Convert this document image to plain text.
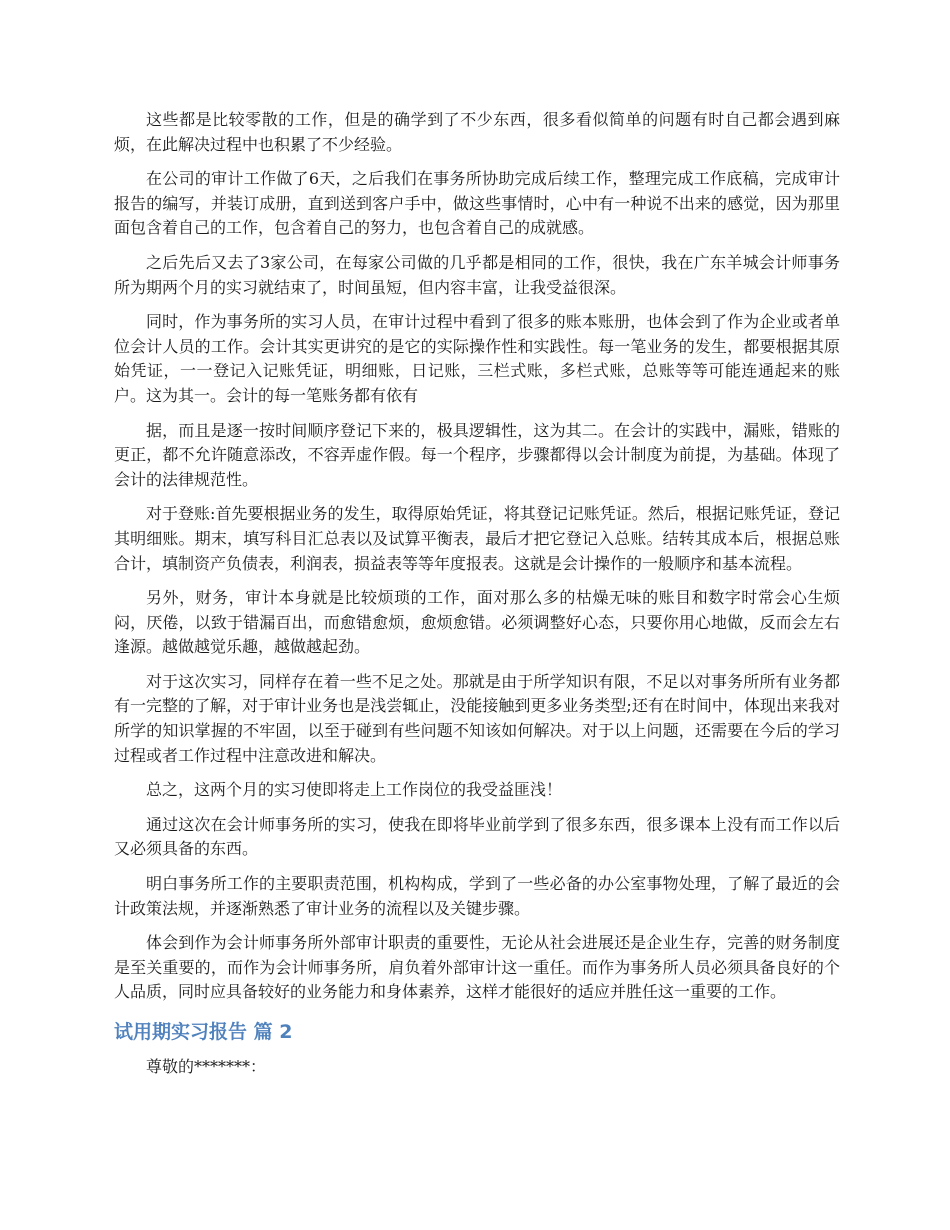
这些都是比较零散的工作，但是的确学到了不少东西，很多看似简单的问题有时自己都会遇到麻烦，在此解决过程中也积累了不少经验。

在公司的审计工作做了6天，之后我们在事务所协助完成后续工作，整理完成工作底稿，完成审计报告的编写，并装订成册，直到送到客户手中，做这些事情时，心中有一种说不出来的感觉，因为那里面包含着自己的工作，包含着自己的努力，也包含着自己的成就感。

之后先后又去了3家公司，在每家公司做的几乎都是相同的工作，很快，我在广东羊城会计师事务所为期两个月的实习就结束了，时间虽短，但内容丰富，让我受益很深。

同时，作为事务所的实习人员，在审计过程中看到了很多的账本账册，也体会到了作为企业或者单位会计人员的工作。会计其实更讲究的是它的实际操作性和实践性。每一笔业务的发生，都要根据其原始凭证，一一登记入记账凭证，明细账，日记账，三栏式账，多栏式账，总账等等可能连通起来的账户。这为其一。会计的每一笔账务都有依有

据，而且是逐一按时间顺序登记下来的，极具逻辑性，这为其二。在会计的实践中，漏账，错账的更正，都不允许随意添改，不容弄虚作假。每一个程序，步骤都得以会计制度为前提，为基础。体现了会计的法律规范性。

对于登账:首先要根据业务的发生，取得原始凭证，将其登记记账凭证。然后，根据记账凭证，登记其明细账。期末，填写科目汇总表以及试算平衡表，最后才把它登记入总账。结转其成本后，根据总账合计，填制资产负债表，利润表，损益表等等年度报表。这就是会计操作的一般顺序和基本流程。

另外，财务，审计本身就是比较烦琐的工作，面对那么多的枯燥无味的账目和数字时常会心生烦闷，厌倦，以致于错漏百出，而愈错愈烦，愈烦愈错。必须调整好心态，只要你用心地做，反而会左右逢源。越做越觉乐趣，越做越起劲。

对于这次实习，同样存在着一些不足之处。那就是由于所学知识有限，不足以对事务所所有业务都有一完整的了解，对于审计业务也是浅尝辄止，没能接触到更多业务类型;还有在时间中，体现出来我对所学的知识掌握的不牢固，以至于碰到有些问题不知该如何解决。对于以上问题，还需要在今后的学习过程或者工作过程中注意改进和解决。

总之，这两个月的实习使即将走上工作岗位的我受益匪浅！

通过这次在会计师事务所的实习，使我在即将毕业前学到了很多东西，很多课本上没有而工作以后又必须具备的东西。

明白事务所工作的主要职责范围，机构构成，学到了一些必备的办公室事物处理，了解了最近的会计政策法规，并逐渐熟悉了审计业务的流程以及关键步骤。

体会到作为会计师事务所外部审计职责的重要性，无论从社会进展还是企业生存，完善的财务制度是至关重要的，而作为会计师事务所，肩负着外部审计这一重任。而作为事务所人员必须具备良好的个人品质，同时应具备较好的业务能力和身体素养，这样才能很好的适应并胜任这一重要的工作。

试用期实习报告 篇 2

尊敬的*******：
